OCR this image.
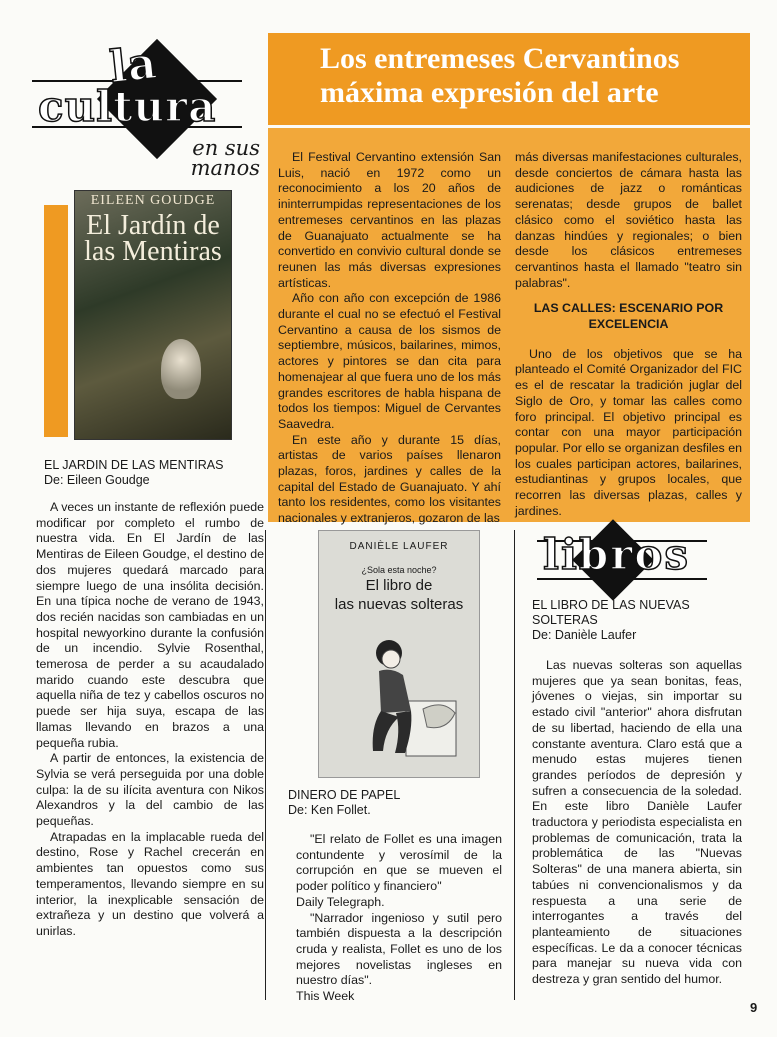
la
cultura
en sus
manos
Los entremeses Cervantinos
máxima expresión del arte

El Festival Cervantino extensión San Luis, nació en 1972 como un reconocimiento a los 20 años de ininterrumpidas representaciones de los entremeses cervantinos en las plazas de Guanajuato actualmente se ha convertido en convivio cultural donde se reunen las más diversas expresiones artísticas.

Año con año con excepción de 1986 durante el cual no se efectuó el Festival Cervantino a causa de los sismos de septiembre, músicos, bailarines, mimos, actores y pintores se dan cita para homenajear al que fuera uno de los más grandes escritores de habla hispana de todos los tiempos: Miguel de Cervantes Saavedra.

En este año y durante 15 días, artistas de varios países llenaron plazas, foros, jardines y calles de la capital del Estado de Guanajuato. Y ahí tanto los residentes, como los visitantes nacionales y extranjeros, gozaron de las

más diversas manifestaciones culturales, desde conciertos de cámara hasta las audiciones de jazz o románticas serenatas; desde grupos de ballet clásico como el soviético hasta las danzas hindúes y regionales; o bien desde los clásicos entremeses cervantinos hasta el llamado "teatro sin palabras".

LAS CALLES: ESCENARIO POR EXCELENCIA

Uno de los objetivos que se ha planteado el Comité Organizador del FIC es el de rescatar la tradición juglar del Siglo de Oro, y tomar las calles como foro principal. El objetivo principal es contar con una mayor participación popular. Por ello se organizan desfiles en los cuales participan actores, bailarines, estudiantinas y grupos locales, que recorren las diversas plazas, calles y jardines.

EILEEN GOUDGE
El Jardín de las Mentiras
EL JARDIN DE LAS MENTIRAS
De: Eileen Goudge

A veces un instante de reflexión puede modificar por completo el rumbo de nuestra vida. En El Jardín de las Mentiras de Eileen Goudge, el destino de dos mujeres quedará marcado para siempre luego de una insólita decisión. En una típica noche de verano de 1943, dos recién nacidas son cambiadas en un hospital newyorkino durante la confusión de un incendio. Sylvie Rosenthal, temerosa de perder a su acaudalado marido cuando este descubra que aquella niña de tez y cabellos oscuros no puede ser hija suya, escapa de las llamas llevando en brazos a una pequeña rubia.

A partir de entonces, la existencia de Sylvia se verá perseguida por una doble culpa: la de su ilícita aventura con Nikos Alexandros y la del cambio de las pequeñas.

Atrapadas en la implacable rueda del destino, Rose y Rachel crecerán en ambientes tan opuestos como sus temperamentos, llevando siempre en su interior, la inexplicable sensación de extrañeza y un destino que volverá a unirlas.

DANIÈLE LAUFER
¿Sola esta noche?
El libro de
las nuevas solteras
DINERO DE PAPEL
De: Ken Follet.

"El relato de Follet es una imagen contundente y verosímil de la corrupción en que se mueven el poder político y financiero"

Daily Telegraph.

"Narrador ingenioso y sutil pero también dispuesta a la descripción cruda y realista, Follet es uno de los mejores novelistas ingleses en nuestro días".

This Week

libros
EL LIBRO DE LAS NUEVAS SOLTERAS
De: Danièle Laufer

Las nuevas solteras son aquellas mujeres que ya sean bonitas, feas, jóvenes o viejas, sin importar su estado civil "anterior" ahora disfrutan de su libertad, haciendo de ella una constante aventura. Claro está que a menudo estas mujeres tienen grandes períodos de depresión y sufren a consecuencia de la soledad. En este libro Danièle Laufer traductora y periodista especialista en problemas de comunicación, trata la problemática de las "Nuevas Solteras" de una manera abierta, sin tabúes ni convencionalismos y da respuesta a una serie de interrogantes a través del planteamiento de situaciones específicas. Le da a conocer técnicas para manejar su nueva vida con destreza y gran sentido del humor.

9
